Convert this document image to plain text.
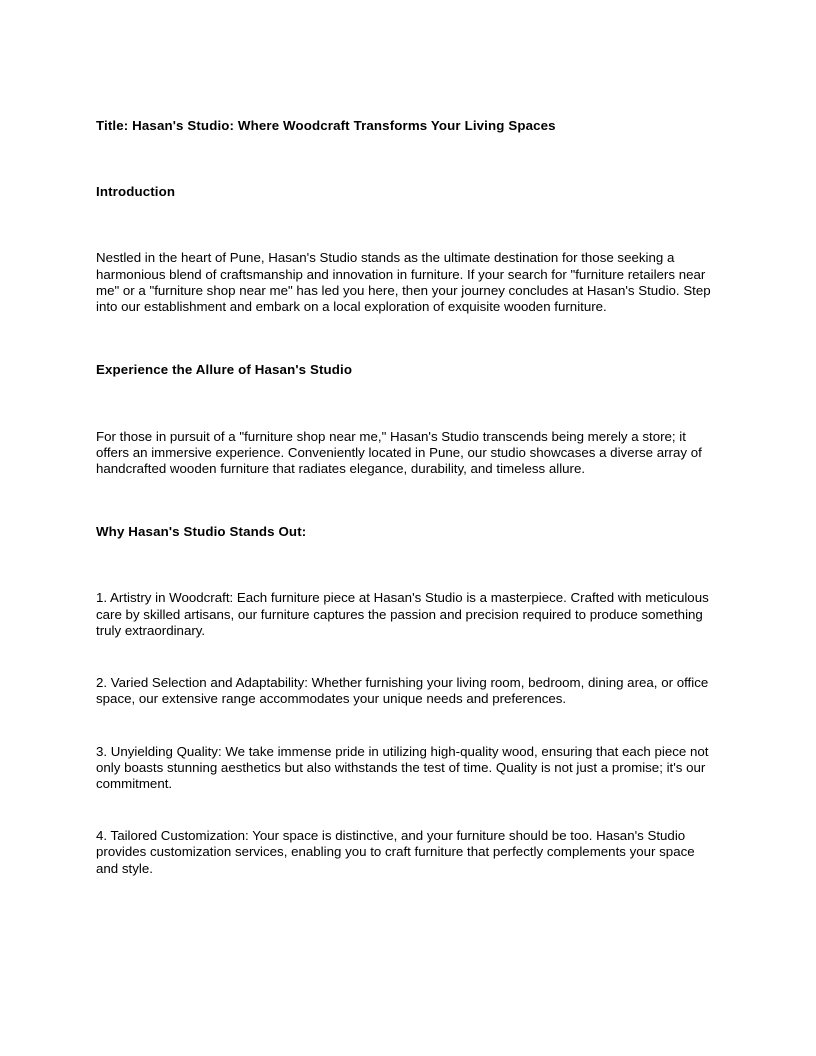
Title: Hasan's Studio: Where Woodcraft Transforms Your Living Spaces

Introduction

Nestled in the heart of Pune, Hasan's Studio stands as the ultimate destination for those seeking a harmonious blend of craftsmanship and innovation in furniture. If your search for "furniture retailers near me" or a "furniture shop near me" has led you here, then your journey concludes at Hasan's Studio. Step into our establishment and embark on a local exploration of exquisite wooden furniture.

Experience the Allure of Hasan's Studio

For those in pursuit of a "furniture shop near me," Hasan's Studio transcends being merely a store; it offers an immersive experience. Conveniently located in Pune, our studio showcases a diverse array of handcrafted wooden furniture that radiates elegance, durability, and timeless allure.

Why Hasan's Studio Stands Out:

1. Artistry in Woodcraft: Each furniture piece at Hasan's Studio is a masterpiece. Crafted with meticulous care by skilled artisans, our furniture captures the passion and precision required to produce something truly extraordinary.

2. Varied Selection and Adaptability: Whether furnishing your living room, bedroom, dining area, or office space, our extensive range accommodates your unique needs and preferences.

3. Unyielding Quality: We take immense pride in utilizing high-quality wood, ensuring that each piece not only boasts stunning aesthetics but also withstands the test of time. Quality is not just a promise; it's our commitment.

4. Tailored Customization: Your space is distinctive, and your furniture should be too. Hasan's Studio provides customization services, enabling you to craft furniture that perfectly complements your space and style.
